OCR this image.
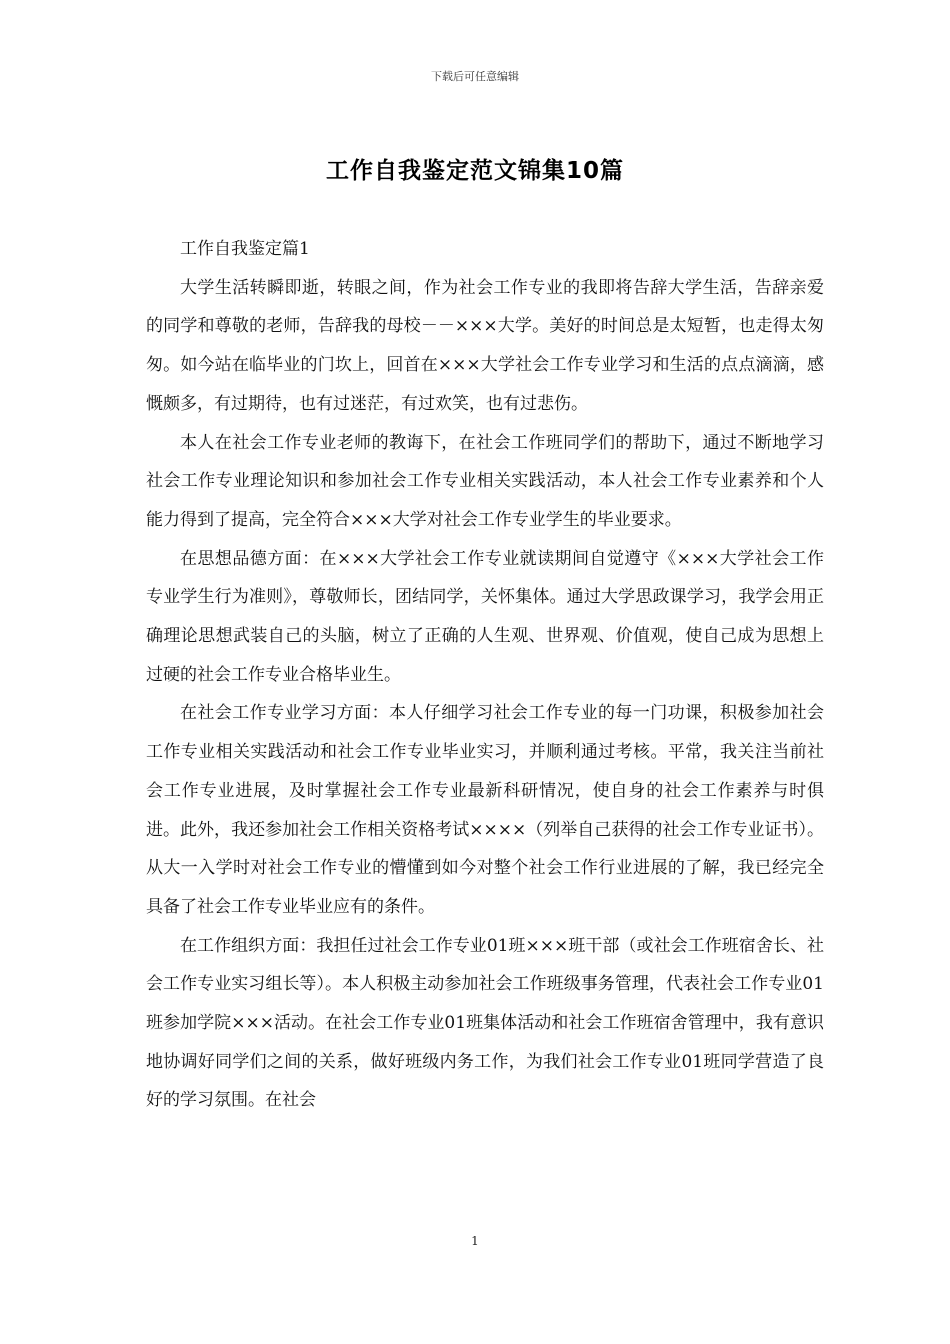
下载后可任意编辑
工作自我鉴定范文锦集10篇

工作自我鉴定篇1

大学生活转瞬即逝，转眼之间，作为社会工作专业的我即将告辞大学生活，告辞亲爱的同学和尊敬的老师，告辞我的母校－－×××大学。美好的时间总是太短暂，也走得太匆匆。如今站在临毕业的门坎上，回首在×××大学社会工作专业学习和生活的点点滴滴，感慨颇多，有过期待，也有过迷茫，有过欢笑，也有过悲伤。

本人在社会工作专业老师的教诲下，在社会工作班同学们的帮助下，通过不断地学习社会工作专业理论知识和参加社会工作专业相关实践活动，本人社会工作专业素养和个人能力得到了提高，完全符合×××大学对社会工作专业学生的毕业要求。

在思想品德方面：在×××大学社会工作专业就读期间自觉遵守《×××大学社会工作专业学生行为准则》，尊敬师长，团结同学，关怀集体。通过大学思政课学习，我学会用正确理论思想武装自己的头脑，树立了正确的人生观、世界观、价值观，使自己成为思想上过硬的社会工作专业合格毕业生。

在社会工作专业学习方面：本人仔细学习社会工作专业的每一门功课，积极参加社会工作专业相关实践活动和社会工作专业毕业实习，并顺利通过考核。平常，我关注当前社会工作专业进展，及时掌握社会工作专业最新科研情况，使自身的社会工作素养与时俱进。此外，我还参加社会工作相关资格考试××××（列举自己获得的社会工作专业证书）。从大一入学时对社会工作专业的懵懂到如今对整个社会工作行业进展的了解，我已经完全具备了社会工作专业毕业应有的条件。

在工作组织方面：我担任过社会工作专业01班×××班干部（或社会工作班宿舍长、社会工作专业实习组长等）。本人积极主动参加社会工作班级事务管理，代表社会工作专业01班参加学院×××活动。在社会工作专业01班集体活动和社会工作班宿舍管理中，我有意识地协调好同学们之间的关系，做好班级内务工作，为我们社会工作专业01班同学营造了良好的学习氛围。在社会

1
